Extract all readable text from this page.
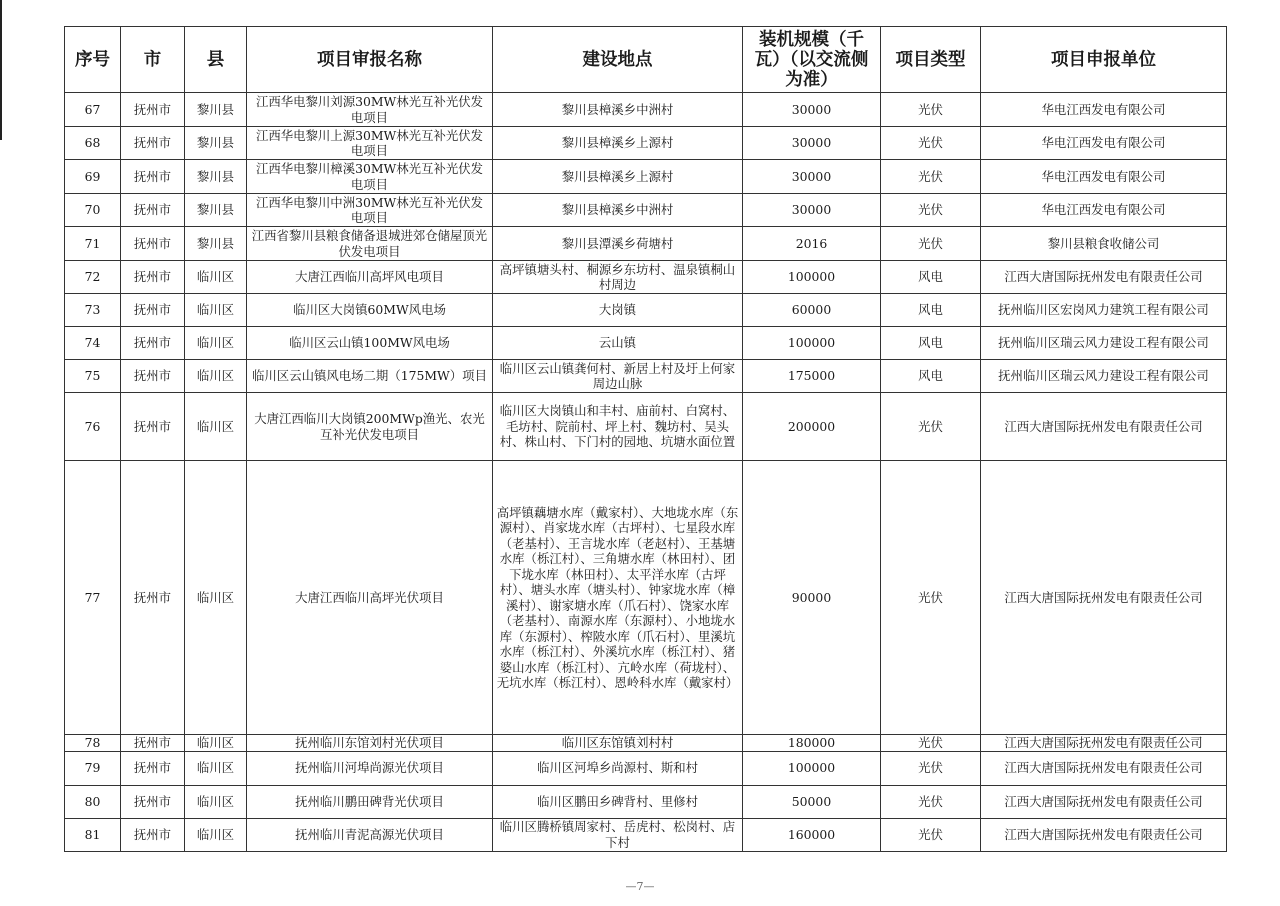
序号	市	县	项目审报名称	建设地点	装机规模（千瓦）（以交流侧为准）	项目类型	项目申报单位
67	抚州市	黎川县	江西华电黎川刘源30MW林光互补光伏发电项目	黎川县樟溪乡中洲村	30000	光伏	华电江西发电有限公司
68	抚州市	黎川县	江西华电黎川上源30MW林光互补光伏发电项目	黎川县樟溪乡上源村	30000	光伏	华电江西发电有限公司
69	抚州市	黎川县	江西华电黎川樟溪30MW林光互补光伏发电项目	黎川县樟溪乡上源村	30000	光伏	华电江西发电有限公司
70	抚州市	黎川县	江西华电黎川中洲30MW林光互补光伏发电项目	黎川县樟溪乡中洲村	30000	光伏	华电江西发电有限公司
71	抚州市	黎川县	江西省黎川县粮食储备退城进郊仓储屋顶光伏发电项目	黎川县潭溪乡荷塘村	2016	光伏	黎川县粮食收储公司
72	抚州市	临川区	大唐江西临川高坪风电项目	高坪镇塘头村、桐源乡东坊村、温泉镇桐山村周边	100000	风电	江西大唐国际抚州发电有限责任公司
73	抚州市	临川区	临川区大岗镇60MW风电场	大岗镇	60000	风电	抚州临川区宏岗风力建筑工程有限公司
74	抚州市	临川区	临川区云山镇100MW风电场	云山镇	100000	风电	抚州临川区瑞云风力建设工程有限公司
75	抚州市	临川区	临川区云山镇风电场二期（175MW）项目	临川区云山镇龚何村、新居上村及圩上何家周边山脉	175000	风电	抚州临川区瑞云风力建设工程有限公司
76	抚州市	临川区	大唐江西临川大岗镇200MWp渔光、农光互补光伏发电项目	临川区大岗镇山和丰村、庙前村、白窝村、毛坊村、院前村、坪上村、魏坊村、吴头村、株山村、下门村的园地、坑塘水面位置	200000	光伏	江西大唐国际抚州发电有限责任公司
77	抚州市	临川区	大唐江西临川高坪光伏项目	高坪镇藕塘水库（戴家村）、大地垅水库（东源村）、肖家垅水库（古坪村）、七星段水库（老基村）、王言垅水库（老赵村）、王基塘水库（栎江村）、三角塘水库（林田村）、团下垅水库（林田村）、太平洋水库（古坪村）、塘头水库（塘头村）、钟家垅水库（樟溪村）、谢家塘水库（爪石村）、饶家水库（老基村）、南源水库（东源村）、小地垅水库（东源村）、榨陂水库（爪石村）、里溪坑水库（栎江村）、外溪坑水库（栎江村）、猪婆山水库（栎江村）、亢岭水库（荷垅村）、无坑水库（栎江村）、恩岭科水库（戴家村）	90000	光伏	江西大唐国际抚州发电有限责任公司
78	抚州市	临川区	抚州临川东馆刘村光伏项目	临川区东馆镇刘村村	180000	光伏	江西大唐国际抚州发电有限责任公司
79	抚州市	临川区	抚州临川河埠尚源光伏项目	临川区河埠乡尚源村、斯和村	100000	光伏	江西大唐国际抚州发电有限责任公司
80	抚州市	临川区	抚州临川鹏田碑背光伏项目	临川区鹏田乡碑背村、里修村	50000	光伏	江西大唐国际抚州发电有限责任公司
81	抚州市	临川区	抚州临川青泥高源光伏项目	临川区腾桥镇周家村、岳虎村、松岗村、店下村	160000	光伏	江西大唐国际抚州发电有限责任公司
—7—
